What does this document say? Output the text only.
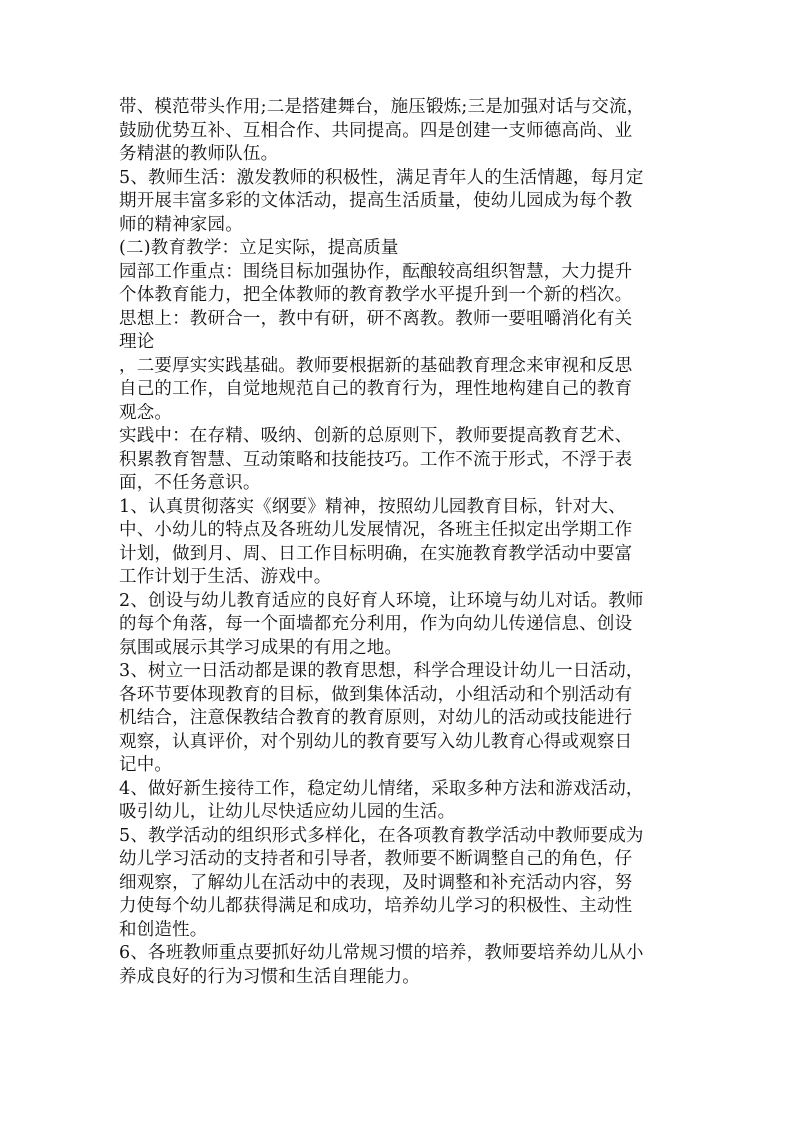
带、模范带头作用;二是搭建舞台，施压锻炼;三是加强对话与交流，
鼓励优势互补、互相合作、共同提高。四是创建一支师德高尚、业
务精湛的教师队伍。
5、教师生活：激发教师的积极性，满足青年人的生活情趣，每月定
期开展丰富多彩的文体活动，提高生活质量，使幼儿园成为每个教
师的精神家园。
(二)教育教学：立足实际，提高质量
园部工作重点：围绕目标加强协作，酝酿较高组织智慧，大力提升
个体教育能力，把全体教师的教育教学水平提升到一个新的档次。
思想上：教研合一，教中有研，研不离教。教师一要咀嚼消化有关
理论
，二要厚实实践基础。教师要根据新的基础教育理念来审视和反思
自己的工作，自觉地规范自己的教育行为，理性地构建自己的教育
观念。
实践中：在存精、吸纳、创新的总原则下，教师要提高教育艺术、
积累教育智慧、互动策略和技能技巧。工作不流于形式，不浮于表
面，不任务意识。
1、认真贯彻落实《纲要》精神，按照幼儿园教育目标，针对大、
中、小幼儿的特点及各班幼儿发展情况，各班主任拟定出学期工作
计划，做到月、周、日工作目标明确，在实施教育教学活动中要富
工作计划于生活、游戏中。
2、创设与幼儿教育适应的良好育人环境，让环境与幼儿对话。教师
的每个角落，每一个面墙都充分利用，作为向幼儿传递信息、创设
氛围或展示其学习成果的有用之地。
3、树立一日活动都是课的教育思想，科学合理设计幼儿一日活动，
各环节要体现教育的目标，做到集体活动，小组活动和个别活动有
机结合，注意保教结合教育的教育原则，对幼儿的活动或技能进行
观察，认真评价，对个别幼儿的教育要写入幼儿教育心得或观察日
记中。
4、做好新生接待工作，稳定幼儿情绪，采取多种方法和游戏活动，
吸引幼儿，让幼儿尽快适应幼儿园的生活。
5、教学活动的组织形式多样化，在各项教育教学活动中教师要成为
幼儿学习活动的支持者和引导者，教师要不断调整自己的角色，仔
细观察，了解幼儿在活动中的表现，及时调整和补充活动内容，努
力使每个幼儿都获得满足和成功，培养幼儿学习的积极性、主动性
和创造性。
6、各班教师重点要抓好幼儿常规习惯的培养，教师要培养幼儿从小
养成良好的行为习惯和生活自理能力。
